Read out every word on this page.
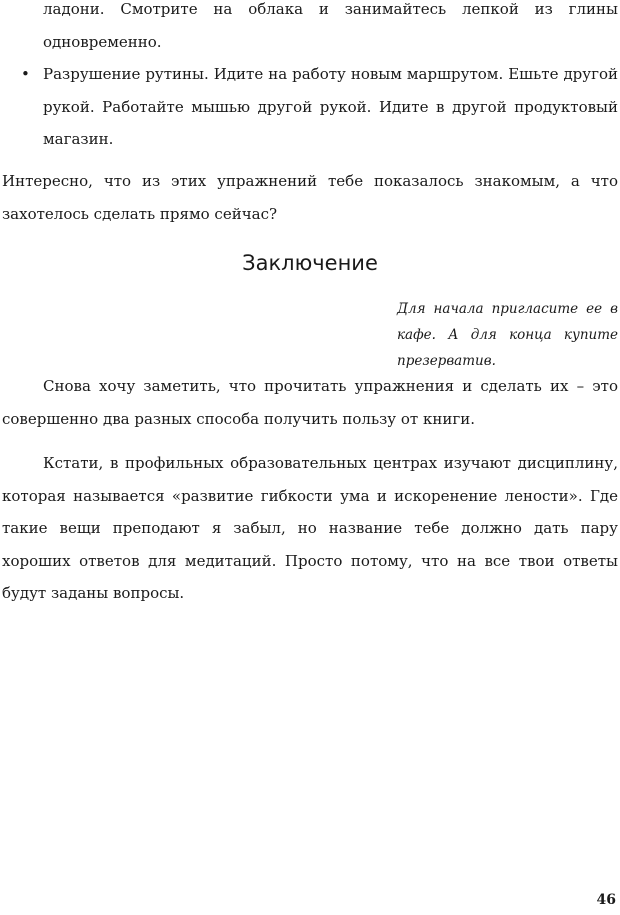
ладони. Смотрите на облака и занимайтесь лепкой из глины одновременно.

• Разрушение рутины. Идите на работу новым маршрутом. Ешьте другой рукой. Работайте мышью другой рукой. Идите в другой продуктовый магазин.

Интересно, что из этих упражнений тебе показалось знакомым, а что захотелось сделать прямо сейчас?

Заключение

Для начала пригласите ее в кафе. А для конца купите презерватив.

Снова хочу заметить, что прочитать упражнения и сделать их – это совершенно два разных способа получить пользу от книги.

Кстати, в профильных образовательных центрах изучают дисциплину, которая называется «развитие гибкости ума и искоренение лености». Где такие вещи преподают я забыл, но название тебе должно дать пару хороших ответов для медитаций. Просто потому, что на все твои ответы будут заданы вопросы.

46
